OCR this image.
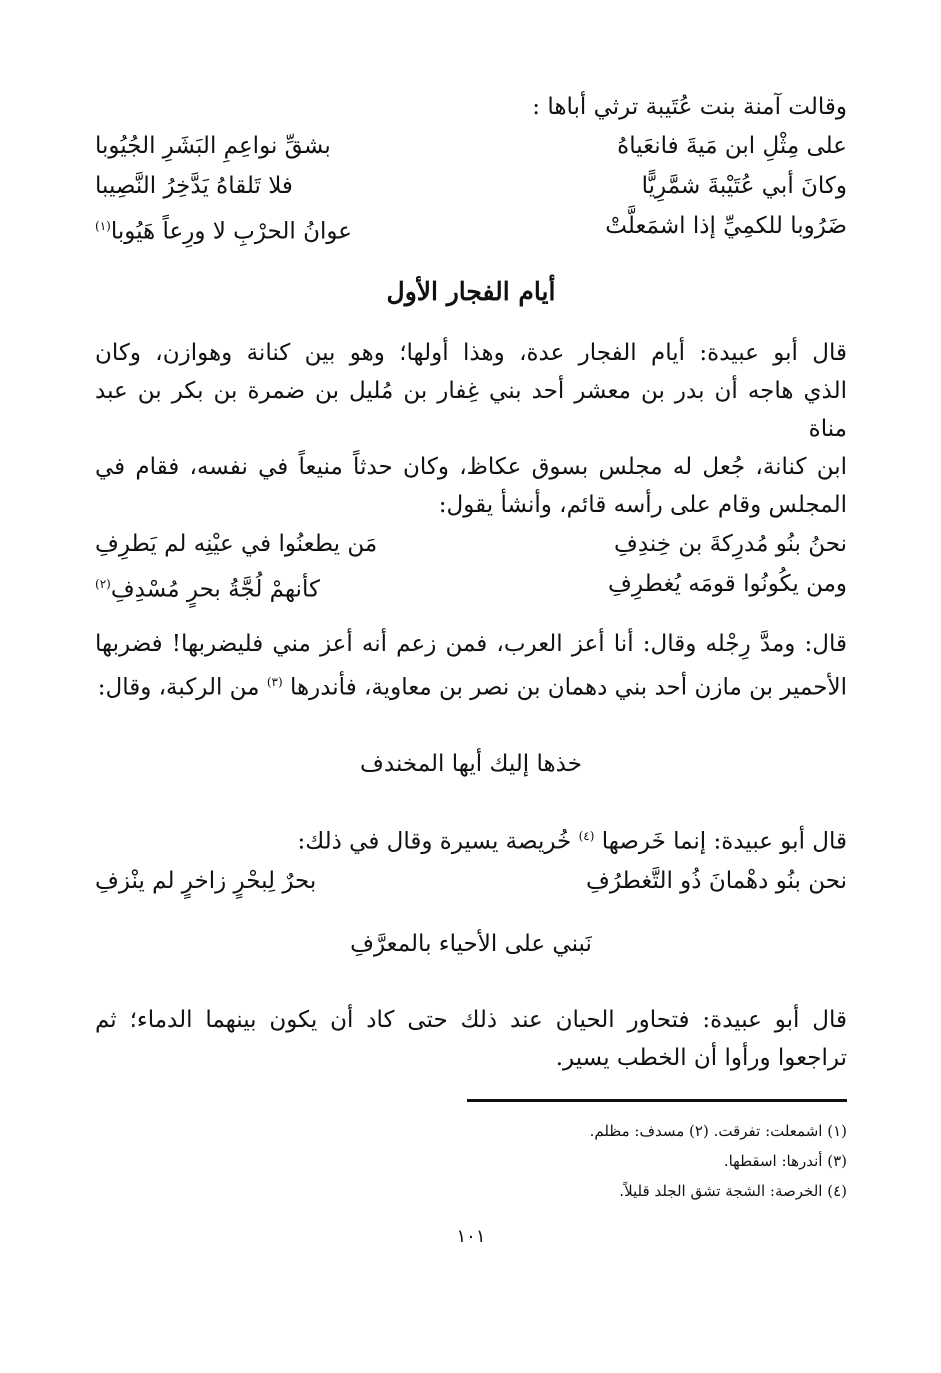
وقالت آمنة بنت عُتَيبة ترثي أباها :

على مِثْلِ ابن مَيةَ فانعَياهُ
بشقِّ نواعِمِ البَشَرِ الجُيُوبا
وكانَ أبي عُتَيْبةَ شمَّرِيًّا
فلا تَلقاهُ يَدَّخِرُ النَّصِيبا
ضَرُوبا للكمِيِّ إذا اشمَعلَّتْ
عوانُ الحرْبِ لا ورِعاً هَيُوبا$^{(١)}$
أيام الفجار الأول

قال أبو عبيدة: أيام الفجار عدة، وهذا أولها؛ وهو بين كنانة وهوازن، وكان

الذي هاجه أن بدر بن معشر أحد بني غِفار بن مُليل بن ضمرة بن بكر بن عبد مناة

ابن كنانة، جُعل له مجلس بسوق عكاظ، وكان حدثاً منيعاً في نفسه، فقام في

المجلس وقام على رأسه قائم، وأنشأ يقول:

نحنُ بنُو مُدرِكةَ بن خِندِفِ
مَن يطعنُوا في عيْنِه لم يَطرِفِ
ومن يكُونُوا قومَه يُغطرِفِ
كأنهمْ لُجَّةُ بحرٍ مُسْدِفِ$^{(٢)}$

قال: ومدَّ رِجْله وقال: أنا أعز العرب، فمن زعم أنه أعز مني فليضربها! فضربها

الأحمير بن مازن أحد بني دهمان بن نصر بن معاوية، فأندرها $^{(٣)}$ من الركبة، وقال:

خذها إليك أيها المخندف

قال أبو عبيدة: إنما خَرصها $^{(٤)}$ خُريصة يسيرة وقال في ذلك:

نحن بنُو دهْمانَ ذُو التَّغطرُفِ
بحرٌ لِبحْرٍ زاخرٍ لم ينْزفِ

نَبني على الأحياء بالمعرَّفِ

قال أبو عبيدة: فتحاور الحيان عند ذلك حتى كاد أن يكون بينهما الدماء؛ ثم

تراجعوا ورأوا أن الخطب يسير.

(١) اشمعلت: تفرقت. (٢) مسدف: مظلم.

(٣) أندرها: اسقطها.

(٤) الخرصة: الشجة تشق الجلد قليلاً.

١٠١
